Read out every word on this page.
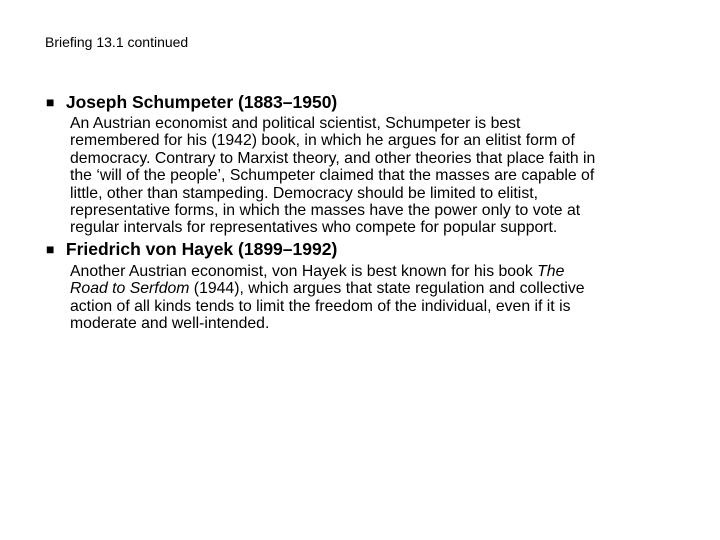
Briefing 13.1 continued
■ Joseph Schumpeter (1883–1950)

An Austrian economist and political scientist, Schumpeter is best

remembered for his (1942) book, in which he argues for an elitist form of

democracy. Contrary to Marxist theory, and other theories that place faith in

the ‘will of the people’, Schumpeter claimed that the masses are capable of

little, other than stampeding. Democracy should be limited to elitist,

representative forms, in which the masses have the power only to vote at

regular intervals for representatives who compete for popular support.

■ Friedrich von Hayek (1899–1992)

Another Austrian economist, von Hayek is best known for his book The

Road to Serfdom (1944), which argues that state regulation and collective

action of all kinds tends to limit the freedom of the individual, even if it is

moderate and well-intended.
